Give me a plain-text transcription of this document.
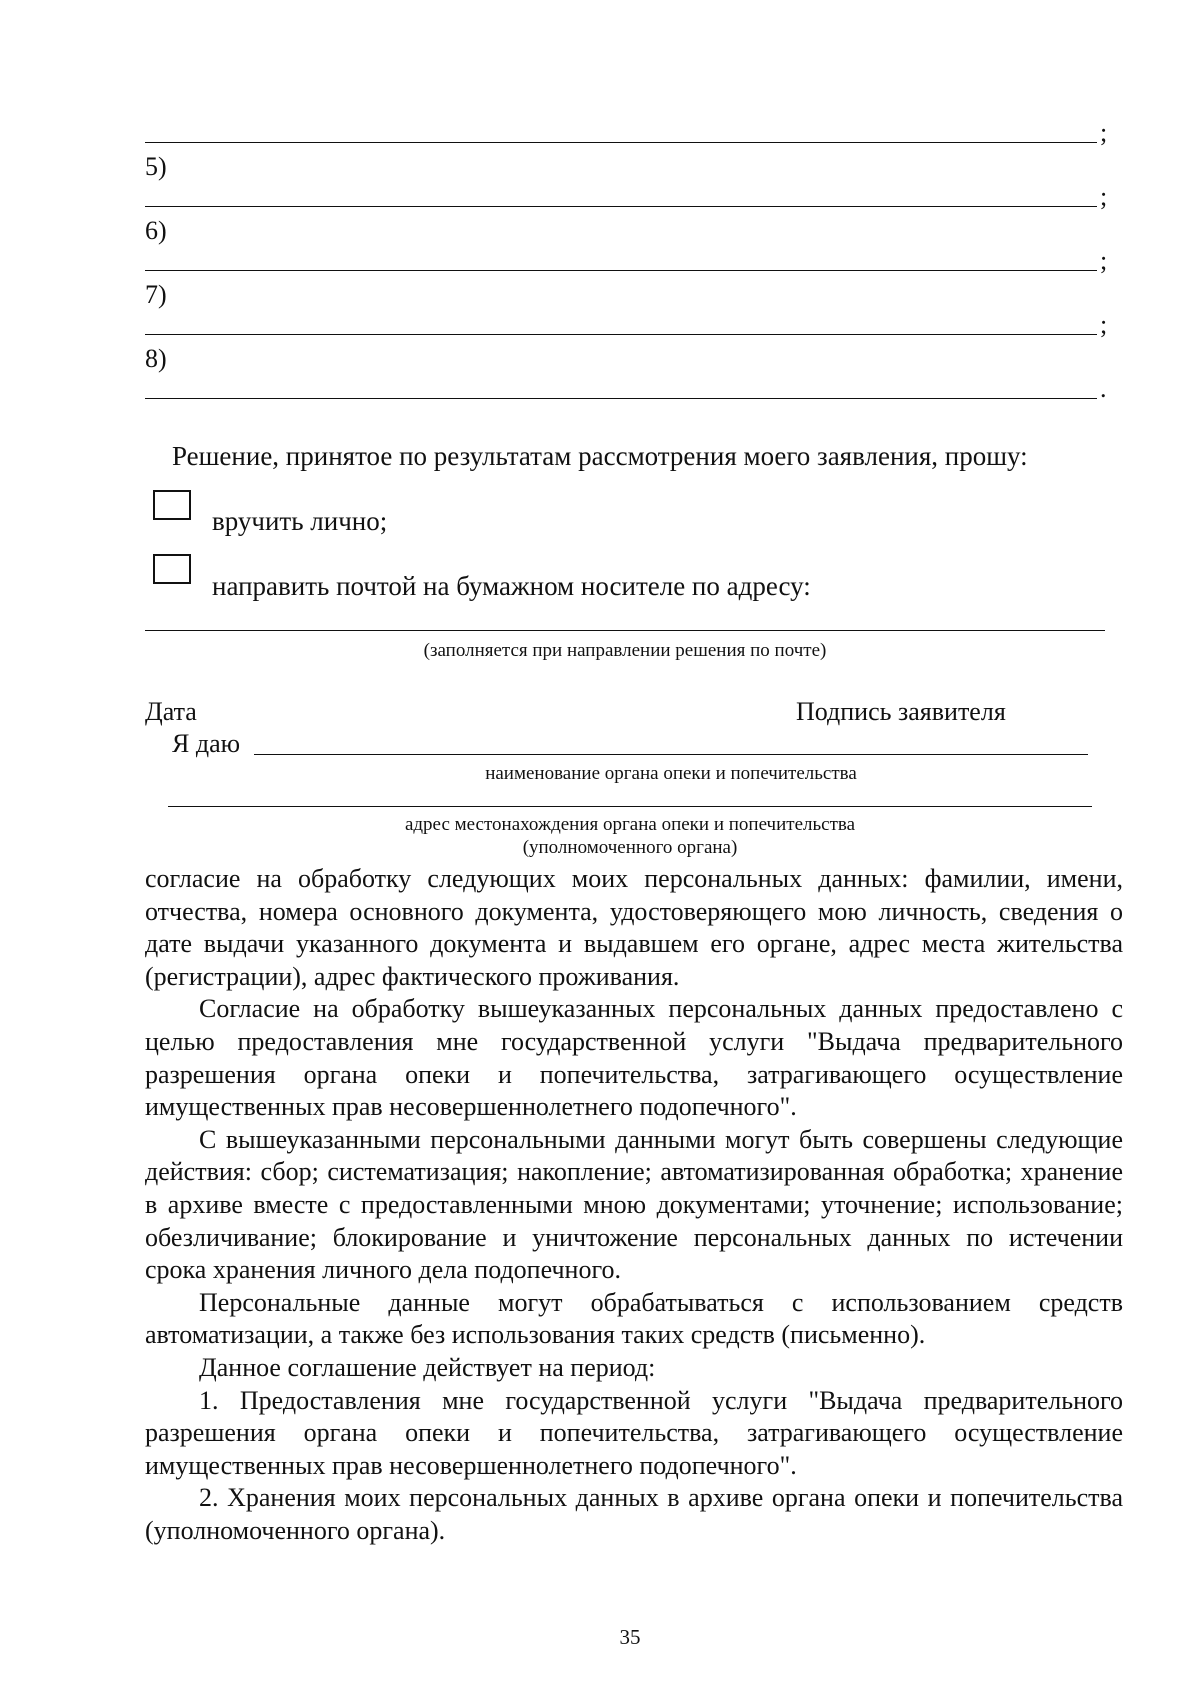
;
5)
;
6)
;
7)
;
8)
.
Решение, принятое по результатам рассмотрения моего заявления, прошу:
вручить лично;
направить почтой на бумажном носителе по адресу:
(заполняется при направлении решения по почте)
Дата	Подпись заявителя
Я даю
наименование органа опеки и попечительства
адрес местонахождения органа опеки и попечительства
(уполномоченного органа)

согласие на обработку следующих моих персональных данных: фамилии, имени, отчества, номера основного документа, удостоверяющего мою личность, сведения о дате выдачи указанного документа и выдавшем его органе, адрес места жительства (регистрации), адрес фактического проживания.

Согласие на обработку вышеуказанных персональных данных предоставлено с целью предоставления мне государственной услуги "Выдача предварительного разрешения органа опеки и попечительства, затрагивающего осуществление имущественных прав несовершеннолетнего подопечного".

С вышеуказанными персональными данными могут быть совершены следующие действия: сбор; систематизация; накопление; автоматизированная обработка; хранение в архиве вместе с предоставленными мною документами; уточнение; использование; обезличивание; блокирование и уничтожение персональных данных по истечении срока хранения личного дела подопечного.

Персональные данные могут обрабатываться с использованием средств автоматизации, а также без использования таких средств (письменно).

Данное соглашение действует на период:

1. Предоставления мне государственной услуги "Выдача предварительного разрешения органа опеки и попечительства, затрагивающего осуществление имущественных прав несовершеннолетнего подопечного".

2. Хранения моих персональных данных в архиве органа опеки и попечительства (уполномоченного органа).

35
